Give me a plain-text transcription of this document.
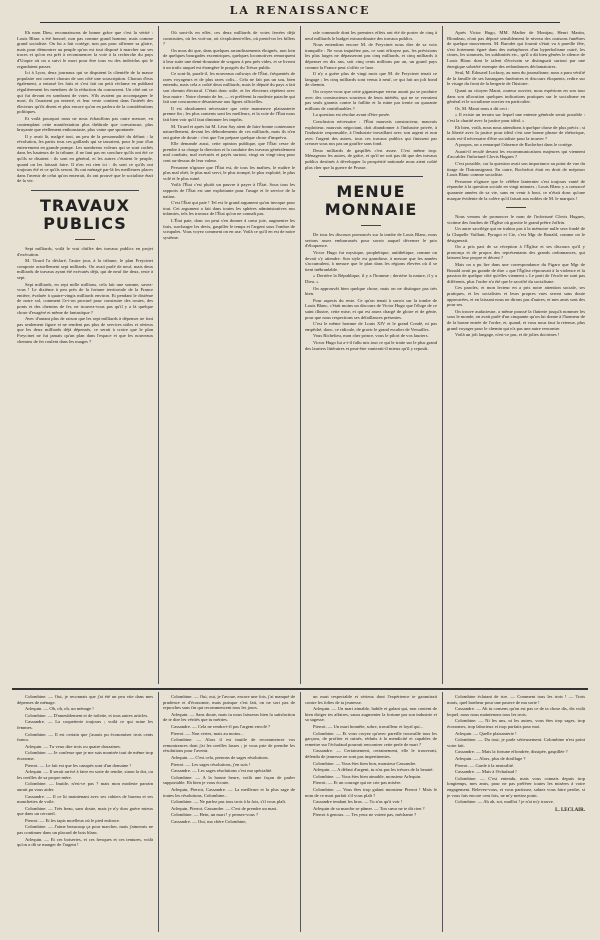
LA RENAISSANCE

Eh mon Dieu, reconnaissons de bonne grâce que c'est la vérité : Louis Blanc a été honoré, non pas comme grand homme, mais comme grand socialiste. On lui a fait cortège, non pas pour affirmer sa gloire, mais pour démontrer au peuple qu'on est tout disposé à marcher sur ses traces et qu'on est prêt à recommencer la voie à la recherche du pays d'Utopie où on a suivi le mort pour être tous vu des individus qui le regardaient passer.

Ici à Lyon, deux journaux qui se disputent la clientèle de la masse populaire ont ouvert chacun de son côté une souscription. Chacun d'eux également, a entassé les faits et s'est fait un petit réclame en publiant régulièrement les membres de la rédaction du concurrent. Un côté ont ce qui fut devant en sombrant de votes. S'ils avaient pu accompagner le mort, ils l'auraient pu enterré, et leur veste contient dans l'intérêt des électeurs qu'ils disent et plus encore qu'on en parlera de la considérations politiques.

Et voilà pourquoi nous ne nous échauffons pas outre mesure, en contemplant cette manifestation plus théâtrale que convaincue, plus bruyante que réellement enthousiaste, plus vaine que spontanée.

Il y avait là, malgré tout, un peu de la personnalité du défunt : la révolution, les partis tous ces gaillards qui se tassaient, pour le jour d'un enterrement en grande pompe. Les nombreux voleurs qui se sont cachés dans les hauteurs de la tribune, il ne faut pas en conclure qu'ils ont été ce qu'ils se disaient : ils sont en général, et les autres c'étaient le peuple, quand on les laissait faire. Il n'en est rien ici : ils sont ce qu'ils ont toujours été et ce qu'ils seront. Ils ont ménagé par-là les meilleures places dans l'avenir de celui qu'on enterrait, ils ont prouvé que le socialiste était de la vie.

TRAVAUX PUBLICS

Sept milliards, voilà le vrai chiffre des travaux publics en projet d'exécution.

M. Tirard l'a déclaré, l'autre jour, à la tribune, le plan Freycinet comporte actuellement sept milliards. On avait parlé de neuf, mais deux milliards de travaux ayant été exécutés déjà, qui de neuf ôte deux, reste à sept.

Sept milliards, en sept mille millions, cela fait une somme, savez-vous ! Le dixième à peu près de la fortune territoriale de la France entière, évaluée à quatre-vingts milliards environ. Et pendant le dixième de notre sol, comment l'a-t-on procuré pour construire des routes, des ponts et des chemins de fer, ne trouvez-vous pas qu'il y a là quelque chose d'exagéré et même de fantastique ?

Avec d'autant plus de raison que les sept milliards à dépenser ne font pas seulement figure et ne rendent pas plus de services utiles et sérieux que les deux milliards déjà dépensés, ce serait à croire que le plan Freycinet ne fut jamais qu'un plan dans l'espace et que les nouveaux chemins de fer roulent dans les nuages ?

Où sont-ils en effet, ces deux milliards de voies ferrées déjà construites, où les voit-on, où s'exploitent-elles, où prend-on les billets ?

On nous dit que, dans quelques arrondissements éloignés, non loin de quelques bourgades excentriques, quelques locomotives remorquent à leur suite une demi-douzaine de wagons à peu près vides, et se livrent à un trafic auquel est étrangère le progrès du Trésor public.

Ce sont-là, paraît-il, les nouveaux railways de l'État, fréquentés de rares voyageurs et de plus rares colis... Cela ne fait pas un sou, bien entendu, mais cela a coûté deux milliards, mais le député du pays a fait son chemin électoral. C'était donc utile, et les électeurs répètent avec leur maire : Notre chemin de fer, — et préfèrent la modeste patache qui fait une concurrence désastreuse aux lignes officielles.

Il est absolument nécessaire que cette manœuvre plaisanterie prenne fin ; les plus contents sont les meilleurs, et la voie de l'État nous fait bien voir qu'il faut diminuer les impôts.

M. Tirard et après lui M. Léon Say aient de faire bonne contenance naturellement, devant les débordements de ces milliards, mais ils n'en ont guère de doute : c'est que l'on prépare quelque chose d'imprévu.

Elle demande aussi, cette opinion publique, que l'État cesse de prendre à sa charge la direction et la conduite des travaux généralement mal conduits, mal exécutés et payés surtout, vingt ou vingt-cinq pour cent au-dessus de leur valeur.

Personne n'ignore que l'État est, de tous les maîtres, le maître le plus mal obéi, le plus mal servi, le plus trompé, le plus exploité, le plus volé et le plus ruiné.

Voilà l'État c'est plutôt un pauvre à payer à l'État. Sous tous les rapports de l'État est une exploitante pour l'usage et le service de la nation.

C'est l'État qui paie ! Tel est le grand argument qu'on invoque pour tout. Cet argument a fait dans toutes les sphères administratives nos infamies, tels les travaux de l'État qu'on ne connaît pas.

L'État paie, donc on peut s'en donner à cœur joie, augmenter les frais, surcharger les devis, gaspiller le temps et l'argent sous l'ombre de scrupules. Vous voyez comment on en use. Voilà ce qu'il en est de notre système.

rale commode dont les premiers effets ont été de porter de cinq à neuf milliards le budget extraordinaire des travaux publics.

Nous entendons encore M. de Freycinet nous dire de sa voix tranquille : Ne vous inquiétez pas, ce sont effrayez pas, les prévisions les plus larges ne dépasseront pas cinq milliards, et cinq milliards à dépenser en dix ans, soit cinq cents millions par an, un grand pays comme la France peut s'offrir ce luxe.

Il n'y a guère plus de vingt mois que M. de Freycinet tenait ce langage ; les cinq milliards sont venus à neuf, ce qui fait un joli bond de chemin.

On croyez-vous que cette gigantesque erreur aurait pu se produire avec des constructeurs soucieux de leurs intérêts, qui ne se verraient pas seuls garants contre la faillite et la ruine par trente ou quarante millions de contribuables ?

La question est résolue avant d'être posée.

Conclusion nécessaire : l'État mauvais constructeur, mauvais exploiteur, mauvais négociant, doit abandonner à l'industrie privée, à l'industrie responsable, à l'industrie travaillant avec son argent et non avec l'argent des autres, tous ces travaux publics qui finissent par creuser sous nos pas un gouffre sans fond.

Deux milliards de gaspillés c'est assez. C'est même trop. Ménageons les autres, de grâce, et qu'il ne soit pas dit que des travaux publics destinés à développer la prospérité nationale nous aient coûté plus cher que la guerre de Prusse.

MENUE MONNAIE

De tous les discours prononcés sur la tombe de Louis Blanc, nous serions assez embarrassés pour savoir auquel décerner le prix d'éloquence.

Victor Hugo fut mystique, prophétique, antithétique, comme on devait s'y attendre. Son style est grandiose, à mesure que les années s'accumulent, à mesure que le plan dans les régions élevées où il se tient inébranlable.

« Derrière la République, il y a l'homme ; derrière la nature, il y a Dieu. »

On approuvât bien quelque chose, mais on ne distingue pas très bien.

Pour aspects du reste. Ce qu'on tenait à savoir sur la tombe de Louis Blanc, c'était moins un discours de Victor Hugo que l'éloge de ce saint illustre, cette mise, et qui est assez chargé de gloire et de génie, pour que nous respections ses défaillances présentes.

C'est le même homme de Louis XIV et le grand Condé, ni pas empêché, donc, ce ridicule, de gravir le grand escalier de Versailles.

Vous Richelieu, mon cher prince, vous le pilori de vos lauriers.

Victor Hugo lui a-t-il fallu mis tout ce qui le traite sur le plus grand des lauriers littéraires et peut-être vanterait-il mieux qu'il y reposât.

Après Victor Hugo, MM. Madier de Montjau, Henri Martin, Blondeau, n'ont pas déposé sensiblement le niveau des oraisons funèbres de quelque mouvement. M. Barodet qui fournit s'était vu à pareille fête, s'est fortement égaré dans des métaphores d'un hyperbolisme outré, les cimes, les sommets, les sublimités etc., qu'il a dit bien gênées le silence de Louis Blanc dont le talent d'écrivain se distinguait surtout par une énergique sobriété exempte des redondances déclamatoires.

Seul, M. Édouard Lockroy, au nom du journalisme, nous a paru vérifié de la famille de ses harangues funéraires et discours éloquents, redire sur le visage du front de la bergerie de l'histoire.

Quant au citoyen Marat, orateur ouvrier, nous espérions en son tour dans son allocution quelques indications pratiques sur le socialisme en général et le socialisme ouvrier en particulier.

Or, M. Marat nous a dit ceci :

« Il existe un terrain sur lequel une entente générale serait possible : c'est la charité avec la justice pour idéal. »

Eh bien, voilà, nous nous attendions à quelque chose de plus précis ; si la liberté avec la justice pour idéal c'est une bonne phrase de rhétorique, mais est-il nécessaire d'être socialiste pour la trouver ?

A propos, on a remarqué l'absence de Rochefort dans le cortège.

Aurait-il reculé devant les excommunications majeures qui viennent d'accabler l'infortuné Clovis Hugues ?

C'est possible, car la question avait son importance au point de vue du tirage de l'Intransigeant. En outre, Rochefort était en droit de mépriser Louis Blanc comme socialiste.

Personne n'ignore que le célèbre lanternier s'est toujours vanté de répondre à la question sociale en vingt minutes ; Louis Blanc y a consacré quarante années de sa vie, sans en venir à bout, ce n'était donc qu'une marque évidente de la colère qu'il faisait aux nobles de M. le marquis !

Nous venons de prononcer le nom de l'infortuné Clovis Hugues, victime des foudres de l'Église où gravite le grand prêtre Joffrin.

Un autre sacrilège qui ne trahira pas à la mémoire nulle sera fondé de la Chapelle Vaillant, Pyragot et Cie, c'est Mgr de Bonald, comme on le désignerait.

On a pris part de sa réception à l'Église et ses discours qu'il y prononça et de propos des représentants des grands ordonnances, qui laissent leur propre et décent ?

Mais on a pu lire dans une correspondance du Figaro que Mgr de Bonald avait pu grande de dire « que l'Église réprouvait à la violence et la passion de quelque côté qu'elles viennent » Le parti de l'école ne sont pas différents, plus l'ordre n'a été que le sacrifié du socialisme.

Ces paroles, et mon lecteur en a pris notre attention sociale, ses pratiques, et les socialistes et leurs propres vues seront sans doute approuvées, et en laissant nous ne dirons pas d'autres, et mes amis sont des pour ses.

On trouve audacieuse, a même poussé la flatterie jusqu'à nommer les sous le monde, on avait parlé d'un cinquante qu'on lui donne à l'honneur de de la bonne entrée de l'ordre, et, quand, et vous nous faut la retenue, plus grand voyager pour le chemin qui n'a pas une autre rencontre.

Voilà un joli langage, n'est-ce pas, et de jolies doctrines !

Colombine. — Oui, je reconnais que j'ai été un peu vite dans mes dépenses de ménage.

Arlequin. — Oh, oh, oh, un ménage !

Colombine. — D'ameublement et de toilette, et tous autres articles.

Cassandre. — La coquetterie toujours ; voilà ce qui ruine les femmes.

Colombine. — Il est certain que j'aurais pu économiser trois cents francs.

Arlequin. — Tu veux dire trois ou quatre douzaines.

Colombine. — Je confesse que je me suis montrée tout de même trop économe.

Pierrot. — Le fait est que les canapés sont d'un domaine !

Arlequin. — Il serait arrivé à faire en sorte de rendre, sinon la dot, ou les oreilles de sa propre mère.

Colombine. — Inutile, n'est-ce pas ? mais mon modeste parrain aurait pu vous aider.

Cassandre. — Il ce lit maintenant avec ses cahiers de bureau et ses manchettes de voile.

Colombine. — Très beau, sans doute, mais je n'y dors guère mieux que dans un cercueil.

Pierrot. — Et les tapis moelleux où le pied enfonce.

Colombine. — J'aime beaucoup ça pour marcher, mais j'aimerais ne pas continuer dans un placard de bois blanc.

Arlequin. — Et ces boiseries, et ces fresques et ces tentures, voilà qu'on a dû se manger de l'argent !

Colombine. — Oui, oui, je l'avoue, encore une fois, j'ai manqué de prudence et d'économie, mais puisque c'est fait, on ne sort pas de reproches sans fin qui recommencent tous les jours.

Arlequin. — Sans doute, mais tu nous laisseras bien la satisfaction de te dire les vérités que tu mérites.

Cassandre. — Cela ne rendra-t-il pas l'argent envolé ?

Pierrot. — Non certes, mais au moins...

Colombine. — Alors il est inutile de recommencer vos remontrances dont j'ai les oreilles lasses ; je vous prie de prendre les résolutions pour l'avenir.

Arlequin. — C'est cela, prenons de sages résolutions.

Pierrot. — Les sages résolutions, j'en suis !

Cassandre. — Les sages résolutions c'est ma spécialité.

Colombine. — A la bonne heure, voilà une façon de parler supportable. Eh bien je vous écoute.

Arlequin, Pierrot, Cassandre. — La meilleure et la plus sage de toutes les résolutions, Colombine...

Colombine. — Ne parlez pas tous trois à la fois, s'il vous plaît.

Arlequin, Pierrot, Cassandre. — C'est de prendre un mari.

Colombine. — Hein, un mari ! y pensez-vous ?

Cassandre. — Oui, ma chère Colombine,

un mari respectable et sérieux dont l'expérience te garantirait contre les folies de ta jeunesse.

Arlequin. — Un mari aimable, habile et galant qui, non content de bien diriger tes affaires, saura augmenter la fortune par son industrie et sa sagesse.

Pierrot. — Un mari honnête, sobre, travailleur et loyal qui...

Colombine. — Et vous croyez qu'avec pareille trouvaille tous les garçons, de profiter et ruinés, réduits à la mendicité et capables de remettre sur l'échafaud pourrait rencontrer cette perle de mari ?

Cassandre. — Certainement, certainement, elle le trouverait, défendu de jeunesse ne sont pas impertinentes.

Colombine. — Vous êtes bien bon, monsieur Cassandre.

Arlequin. — A défaut d'argent, tu n'as pas les trésors de la beauté.

Colombine. — Vous êtes bien aimable, monsieur Arlequin.

Pierrot. — Et un courage qui ne crie pas misère.

Colombine. — Vous êtes trop galant monsieur Pierrot ! Mais le nom de ce mari parfait s'il vous plaît ?

Cassandre tendant les bras. — Tu n'as qu'à voir !

Arlequin de sa marche se pâmer. — Ton cœur ne te dit rien ?

Pierrot à genoux. — Tes yeux ne voient pas, méchante ?

Colombine éclatant de rire. — Comment tous les trois ! — Trois maris, quel bonheur pour une pauvre de ma sorte !

Cassandre. — Ah tu consens qu'on est pas ce de ta chose dis, dis voilà lequel, nous nous maintenons tous les trois.

Colombine. — Ni les uns, ni les autres, vous êtes trop sages, trop économes, trop laborieux et trop parfaits pour moi.

Arlequin. — Quelle plaisanterie !

Colombine. — Du tout, je parle sérieusement. Colombine n'est point votre fait.

Cassandre. — Mais la fortune effondrée, dissipée, gaspillée ?

Arlequin. — Alors, plus de dorillage ?

Pierrot. — Garde à la neutralité.

Cassandre. — Mais à l'échafaud !

Colombine. — C'est entendu, mais vous connais depuis trop longtemps, mes amis, pour ne pas préférer toutes les misères à votre engagement. Relevez-vous, et vous partissez, saluez vous faire perdre, si je vous fais encore cent fois, ne m'y mettez point.

Colombine. — Ah ah, sot, maillot ! je n'ai m'y trouve.

L. LECLAIR.
